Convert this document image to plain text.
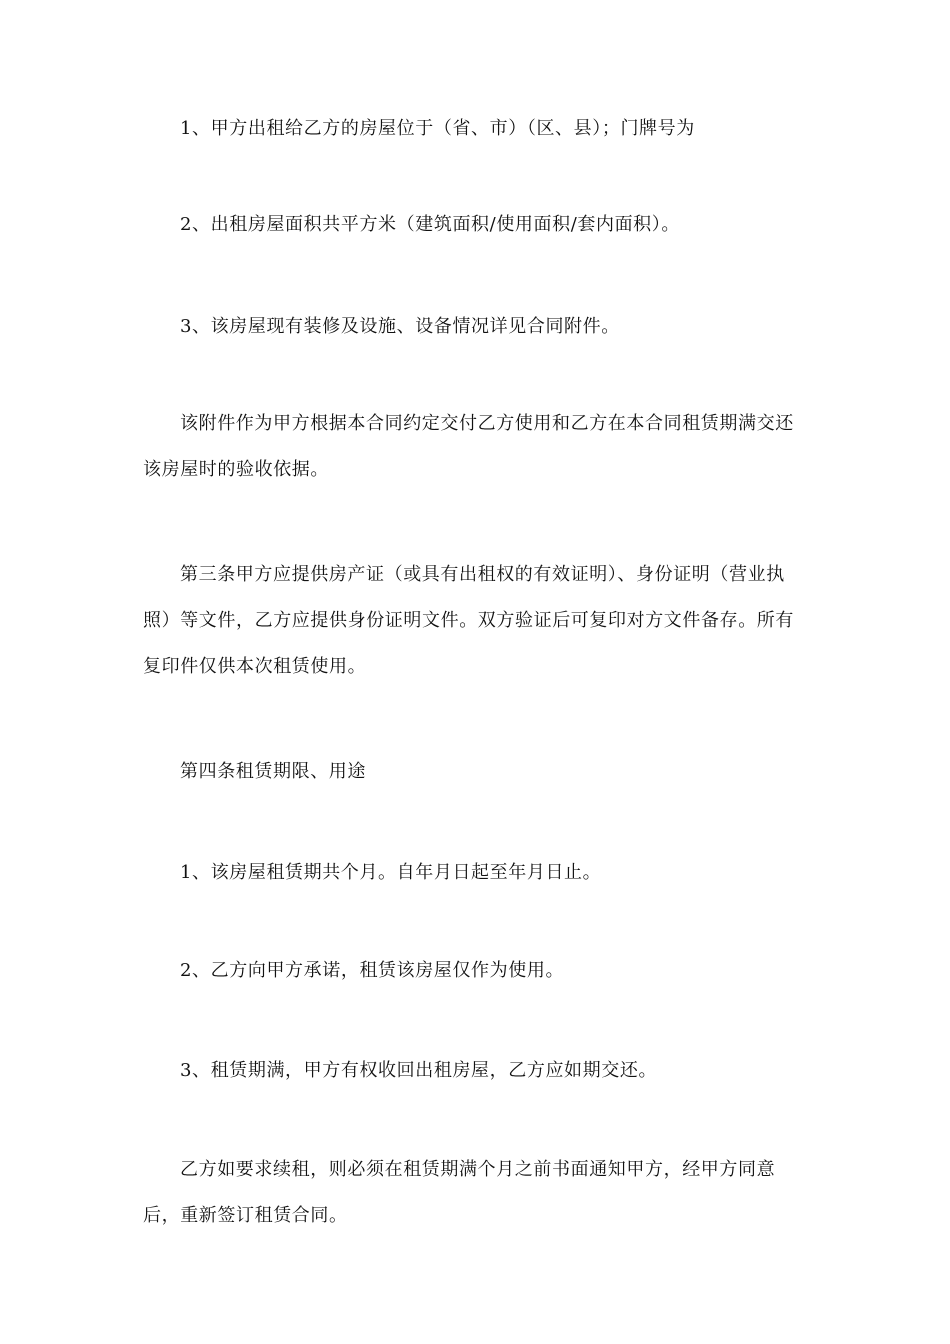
1、甲方出租给乙方的房屋位于（省、市）（区、县）；门牌号为

2、出租房屋面积共平方米（建筑面积/使用面积/套内面积）。

3、该房屋现有装修及设施、设备情况详见合同附件。

该附件作为甲方根据本合同约定交付乙方使用和乙方在本合同租赁期满交还该房屋时的验收依据。

第三条甲方应提供房产证（或具有出租权的有效证明）、身份证明（营业执照）等文件，乙方应提供身份证明文件。双方验证后可复印对方文件备存。所有复印件仅供本次租赁使用。

第四条租赁期限、用途

1、该房屋租赁期共个月。自年月日起至年月日止。

2、乙方向甲方承诺，租赁该房屋仅作为使用。

3、租赁期满，甲方有权收回出租房屋，乙方应如期交还。

乙方如要求续租，则必须在租赁期满个月之前书面通知甲方，经甲方同意后，重新签订租赁合同。
